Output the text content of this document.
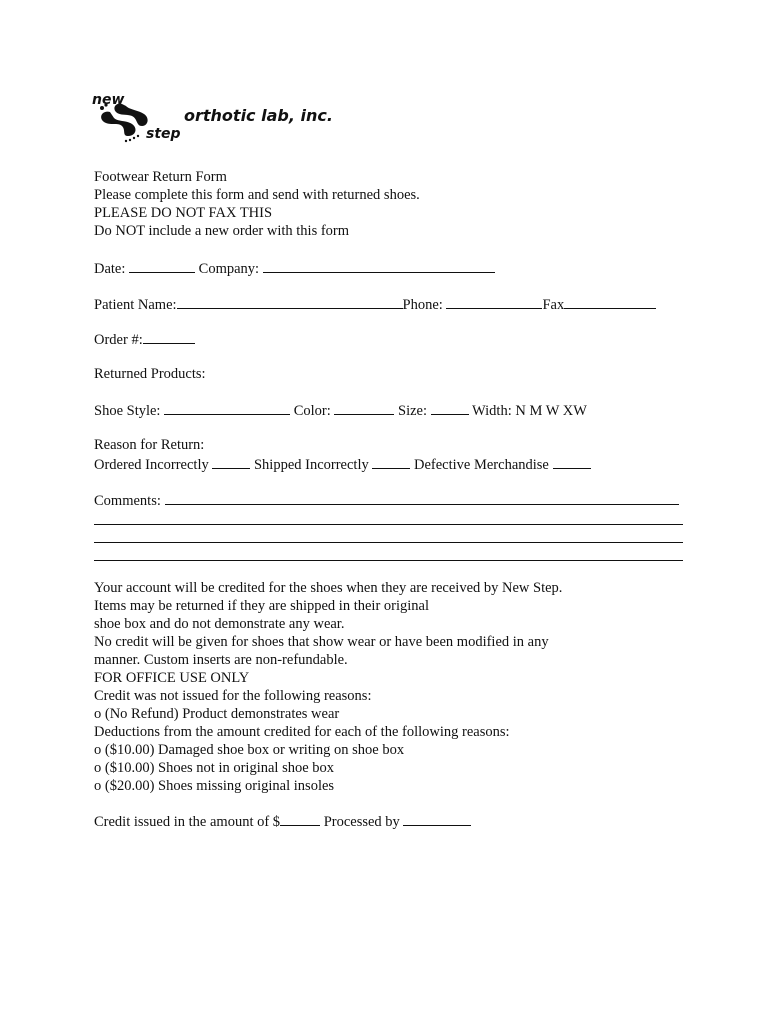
new
step
orthotic lab, inc.
Footwear Return Form
Please complete this form and send with returned shoes.
PLEASE DO NOT FAX THIS
Do NOT include a new order with this form
Date:	Company:
Patient Name:	Phone:	Fax
Order #:
Returned Products:
Shoe Style:	Color:	Size:	Width: N M W XW
Reason for Return:
Ordered Incorrectly	Shipped Incorrectly	Defective Merchandise
Comments:
Your account will be credited for the shoes when they are received by New Step.
Items may be returned if they are shipped in their original
shoe box and do not demonstrate any wear.
No credit will be given for shoes that show wear or have been modified in any
manner. Custom inserts are non-refundable.
FOR OFFICE USE ONLY
Credit was not issued for the following reasons:
o (No Refund) Product demonstrates wear
Deductions from the amount credited for each of the following reasons:
o ($10.00) Damaged shoe box or writing on shoe box
o ($10.00) Shoes not in original shoe box
o ($20.00) Shoes missing original insoles
Credit issued in the amount of $	Processed by
